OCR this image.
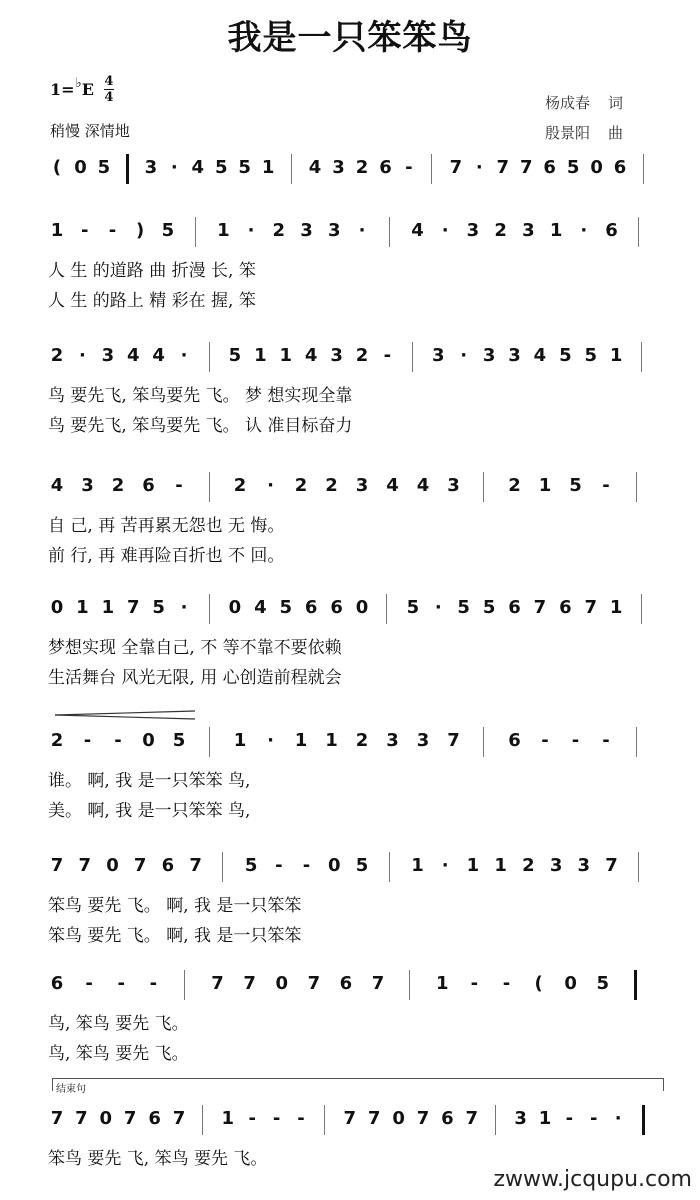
我是一只笨笨鸟
1= ♭ E $\frac{4}{4}$
稍慢 深情地
杨成春 词
殷景阳 曲
结束句
( 0 5 3 · 4 5 5 1 4 3 2 6 - 7 · 7 7 6 5 0 6
1 - - ) 5 1 · 2 3 3 ·	4 · 3 2 3 1 · 6
人 生 的道路 曲 折漫 长, 笨
人 生 的路上 精 彩在 握, 笨
2 · 3 4 4 · 5 1 1 4 3 2 - 3 · 3 3 4 5 5 1
鸟 要先飞, 笨鸟要先 飞。 梦 想实现全靠
鸟 要先飞, 笨鸟要先 飞。 认 准目标奋力
4 3 2 6 -	2 · 2 2 3 4 4 3	2 1 5 -
自 己, 再 苦再累无怨也 无 悔。
前 行, 再 难再险百折也 不 回。
0 1 1 7 5 · 0 4 5 6 6 0 5 · 5 5 6 7 6 7 1
梦想实现 全靠自己, 不 等不靠不要依赖
生活舞台 风光无限, 用 心创造前程就会
2 - - 0 5	1 · 1 1 2 3 3 7	6 - - -
谁。 啊, 我 是一只笨笨 鸟,
美。 啊, 我 是一只笨笨 鸟,
7 7 0 7 6 7 5 - - 0 5 1 · 1 1 2 3 3 7
笨鸟 要先 飞。 啊, 我 是一只笨笨
笨鸟 要先 飞。 啊, 我 是一只笨笨
6 - - -	7 7 0 7 6 7	1 - - ( 0 5
鸟, 笨鸟 要先 飞。
鸟, 笨鸟 要先 飞。
7 7 0 7 6 7 1 - - - 7 7 0 7 6 7 3 1 - - ·
笨鸟 要先 飞, 笨鸟 要先 飞。
zwww.jcqupu.com
